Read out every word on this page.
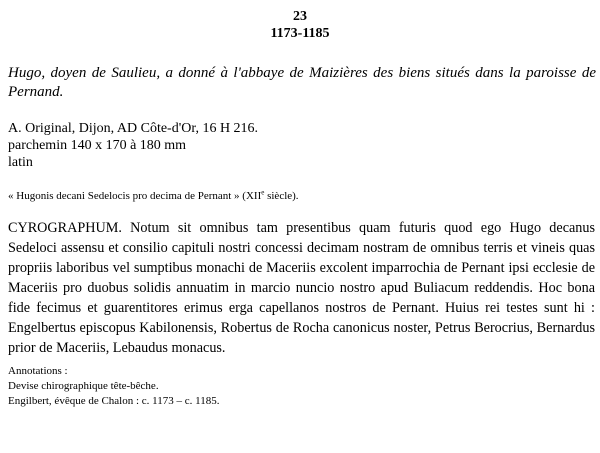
23
1173-1185
Hugo, doyen de Saulieu, a donné à l'abbaye de Maizières des biens situés dans la paroisse de Pernand.
A. Original, Dijon, AD Côte-d'Or, 16 H 216.
parchemin 140 x 170 à 180 mm
latin
« Hugonis decani Sedelocis pro decima de Pernant » (XIIe siècle).
CYROGRAPHUM. Notum sit omnibus tam presentibus quam futuris quod ego Hugo decanus Sedeloci assensu et consilio capituli nostri concessi decimam nostram de omnibus terris et vineis quas propriis laboribus vel sumptibus monachi de Maceriis excolent imparrochia de Pernant ipsi ecclesie de Maceriis pro duobus solidis annuatim in marcio nuncio nostro apud Buliacum reddendis. Hoc bona fide fecimus et guarentitores erimus erga capellanos nostros de Pernant. Huius rei testes sunt hi : Engelbertus episcopus Kabilonensis, Robertus de Rocha canonicus noster, Petrus Berocrius, Bernardus prior de Maceriis, Lebaudus monacus.
Annotations :
Devise chirographique tête-bêche.
Engilbert, évêque de Chalon : c. 1173 – c. 1185.
